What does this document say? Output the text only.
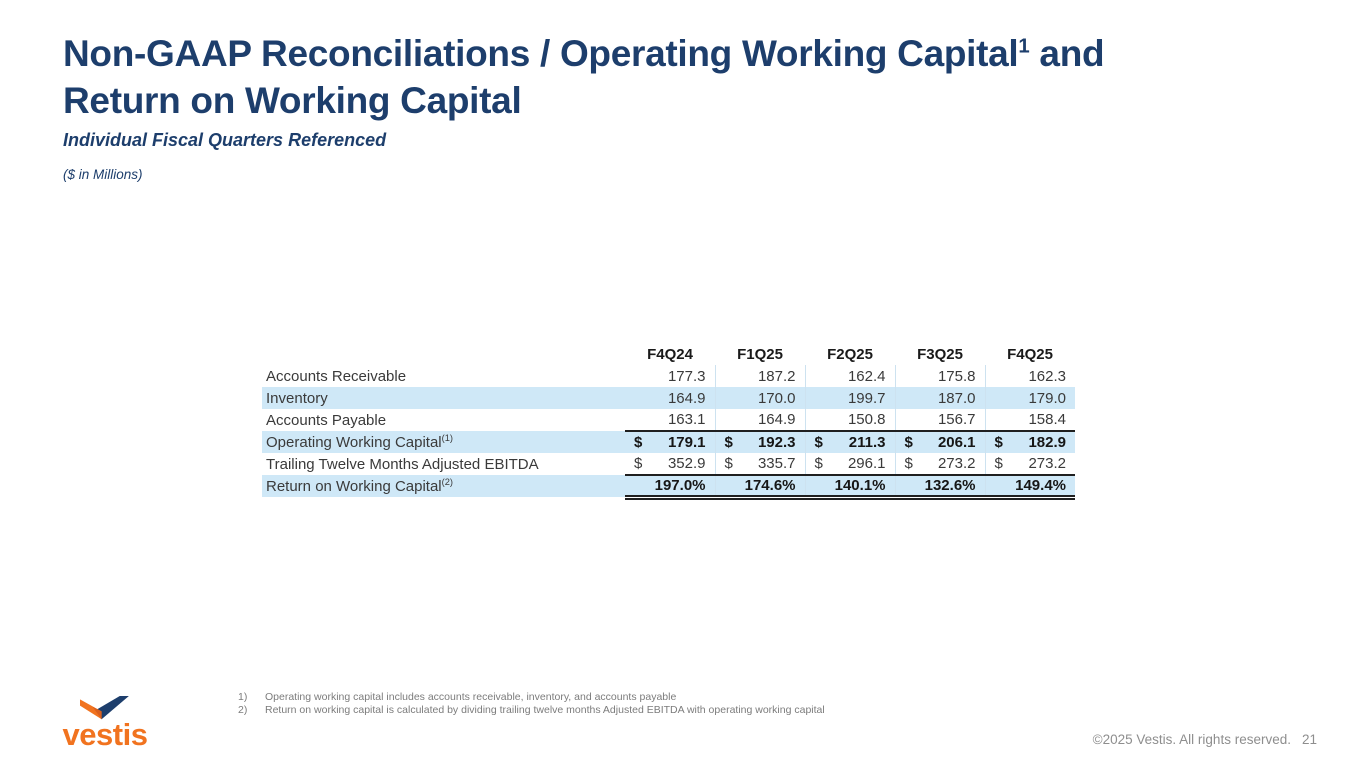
Non-GAAP Reconciliations / Operating Working Capital$^1$ and
Return on Working Capital
Individual Fiscal Quarters Referenced
($ in Millions)
	F4Q24	F1Q25	F2Q25	F3Q25	F4Q25
Accounts Receivable	177.3	187.2	162.4	175.8	162.3
Inventory	164.9	170.0	199.7	187.0	179.0
Accounts Payable	163.1	164.9	150.8	156.7	158.4
Operating Working Capital$^{(1)}$	$ 179.1	$ 192.3	$ 211.3	$ 206.1	$ 182.9

Trailing Twelve Months Adjusted EBITDA	$ 352.9	$ 335.7	$ 296.1	$ 273.2	$ 273.2

Return on Working Capital$^{(2)}$	197.0%	174.6%	140.1%	132.6%	149.4%
1) Operating working capital includes accounts receivable, inventory, and accounts payable
2) Return on working capital is calculated by dividing trailing twelve months Adjusted EBITDA with operating working capital
vestis	©2025 Vestis. All rights reserved. 21
